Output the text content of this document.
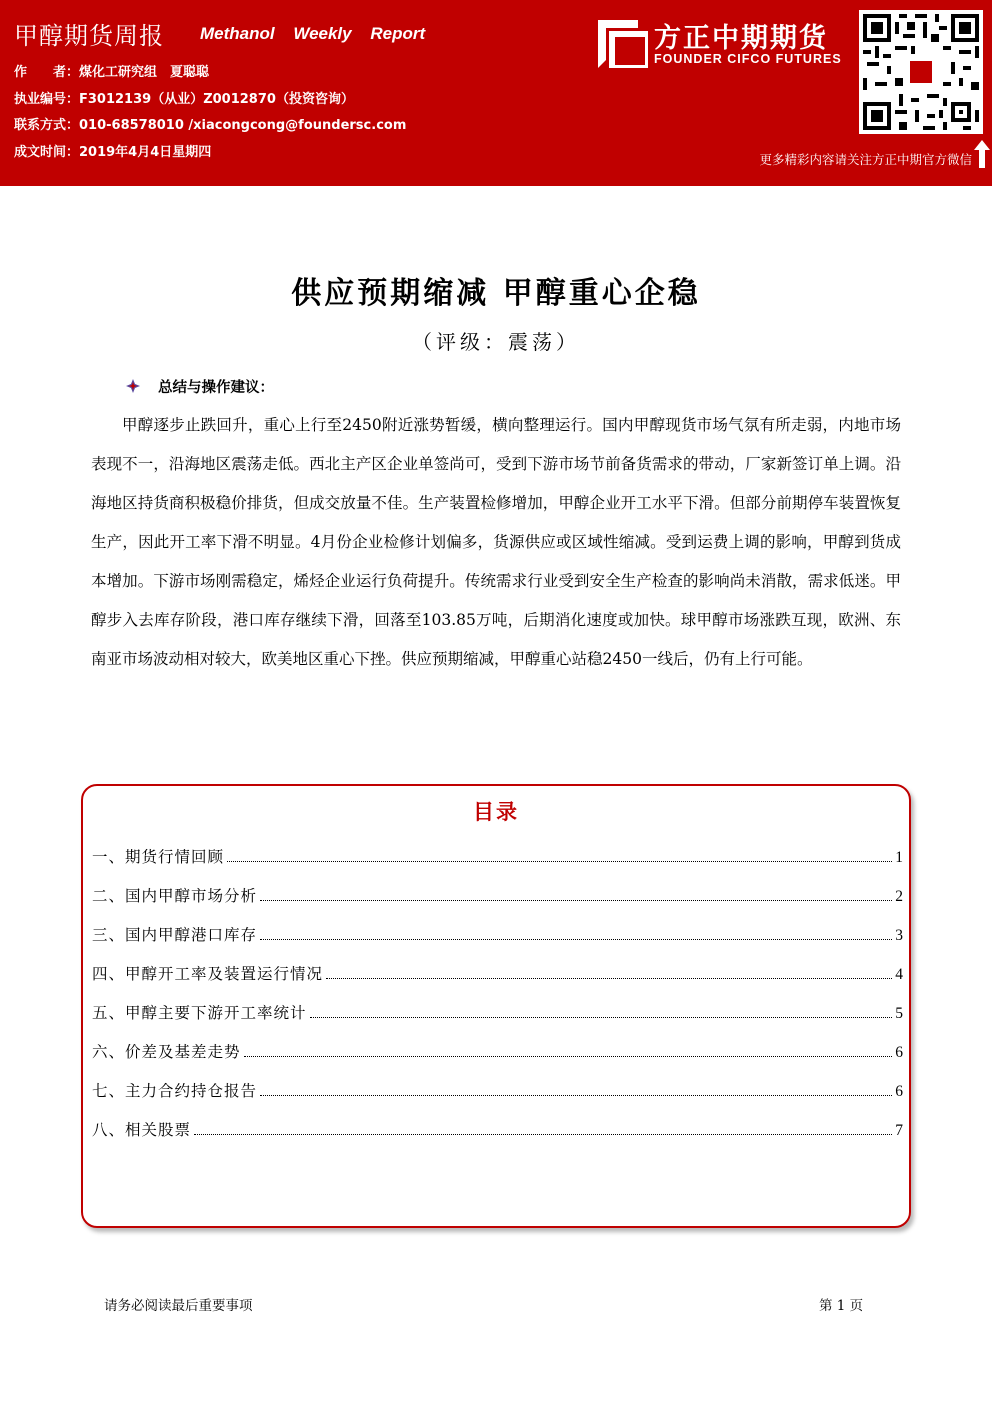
甲醇期货周报 Methanol Weekly Report
作　　者：煤化工研究组　夏聪聪
执业编号：F3012139（从业）Z0012870（投资咨询）
联系方式：010-68578010 /xiacongcong@foundersc.com
成文时间：2019年4月4日星期四
方正中期期货
FOUNDER CIFCO FUTURES
更多精彩内容请关注方正中期官方微信
供应预期缩减 甲醇重心企稳
（评级：震荡）
总结与操作建议：
甲醇逐步止跌回升，重心上行至2450附近涨势暂缓，横向整理运行。国内甲醇现货市场气氛有所走弱，内地市场表现不一，沿海地区震荡走低。西北主产区企业单签尚可，受到下游市场节前备货需求的带动，厂家新签订单上调。沿海地区持货商积极稳价排货，但成交放量不佳。生产装置检修增加，甲醇企业开工水平下滑。但部分前期停车装置恢复生产，因此开工率下滑不明显。4月份企业检修计划偏多，货源供应或区域性缩减。受到运费上调的影响，甲醇到货成本增加。下游市场刚需稳定，烯烃企业运行负荷提升。传统需求行业受到安全生产检查的影响尚未消散，需求低迷。甲醇步入去库存阶段，港口库存继续下滑，回落至103.85万吨，后期消化速度或加快。球甲醇市场涨跌互现，欧洲、东南亚市场波动相对较大，欧美地区重心下挫。供应预期缩减，甲醇重心站稳2450一线后，仍有上行可能。
目录
一、期货行情回顾	1
二、国内甲醇市场分析	2
三、国内甲醇港口库存	3
四、甲醇开工率及装置运行情况	4
五、甲醇主要下游开工率统计	5
六、价差及基差走势	6
七、主力合约持仓报告	6
八、相关股票	7
请务必阅读最后重要事项	第 1 页
